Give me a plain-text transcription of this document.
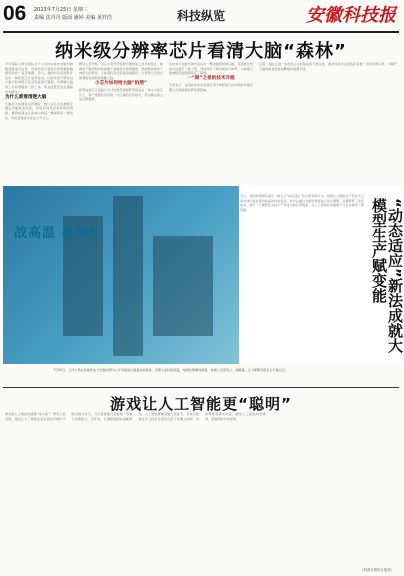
06 2023年7月25日 星期二
责编 沈丹丹 版面 潘婷 美编 黄祥浩	科技纵览	安徽科技报
纳米级分辨率芯片看清大脑“森林”
今年国际上研究团队在不少活体实验中对脑内神经回路进行成像，然而如何以更高分辨率解析脑组织结构一直是难题。近日，我国科学家团队开发出一种新型芯片成像技术，以纳米级分辨率对大脑中的神经元及其连接进行观测，为理解大脑的工作原理提供了新工具。相关成果发表在国际学术期刊上。
为什么难看清楚大脑
大脑是人体最复杂的器官，数以百亿计的神经元通过突触彼此连接，形成如同茂密森林般的网络。要想看清这片森林中的每一棵树和每一根枝杈，传统显微技术往往力不从心。
研究人员介绍，该芯片将光学成像与微纳加工技术相结合，能够在不破坏组织的前提下获取高分辨率图像，既能够看清单个神经元的形态，又能追踪其长距离投射路径，让科研人员得以像观察森林那样俯瞰大脑。
小芯片如何给大脑“拍照”
新型成像芯片将数以万计的微型透镜阵列集成在一块小小的芯片上，每个透镜负责采集一个区域的光学信号，再由算法拼合成完整图像。
该技术可在数分钟内完成对一整块脑组织的扫描，其速度比传统方法提升了数十倍，同时保持了纳米级的分辨率，为构建大脑神经连接图谱奠定了基础。
一“眼”之差的技术升级
专家表示，这项技术未来有望应用于神经退行性疾病的早期诊断以及类脑智能研究等领域。
目前，团队正进一步优化芯片的集成度与稳定性，推动该技术走向临床和更广泛的科研应用，为解开大脑奥秘提供更加精细的观测手段。
战高温 检验忙	“动态适应”新法成就大模型生产赋变能
近日，我国科研团队提出一种名为“动态适应”的全新训练方法，能够让大模型在不同任务之间快速切换并保持较高的性能表现。该方法通过对模型参数进行动态调整，显著降低了训练成本，提升了大模型在实际生产场景中的应用效率，为人工智能技术赋能千行百业提供了新思路。
7月22日，工作人员在安徽某电力设备检测中心对设备进行高温检验测试。近期全省持续高温，电网负荷屡创新高，检测人员顶烈日、战酷暑，全力保障设备安全可靠运行。
游戏让人工智能更“聪明”
游戏是人工智能的重要“练兵场”。研究人员发现，通过让人工智能在复杂游戏环境中不断试错与学习，可以显著提升其推理、规划与决策能力。近年来，从围棋到即时战略游戏，人工智能屡屡突破人类高手，其背后的强化学习技术也逐步应用于机器人控制、自动驾驶等真实场景，推动人工智能向更通用、更聪明的方向发展。
（科普日报综合报道）
